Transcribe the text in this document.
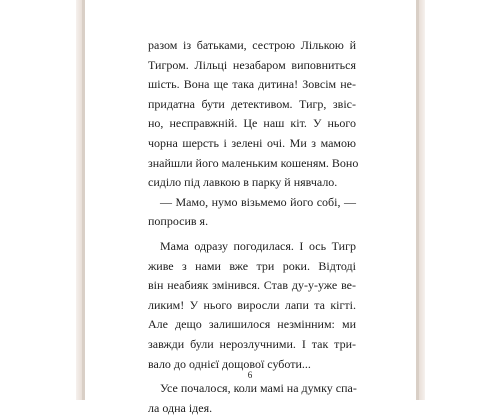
разом із батьками, сестрою Лількою й
Тигром. Лільці незабаром виповниться
шість. Вона ще така дитина! Зовсім не-
придатна бути детективом. Тигр, звіс-
но, несправжній. Це наш кіт. У нього
чорна шерсть і зелені очі. Ми з мамою
знайшли його маленьким кошеням. Воно
сиділо під лавкою в парку й нявчало.
— Мамо, нумо візьмемо його собі, —
попросив я.
Мама одразу погодилася. І ось Тигр
живе з нами вже три роки. Відтоді
він неабияк змінився. Став ду-у-уже ве-
ликим! У нього виросли лапи та кігті.
Але дещо залишилося незмінним: ми
завжди були нерозлучними. І так три-
вало до однієї дощової суботи...
Усе почалося, коли мамі на думку спа-
ла одна ідея.
6
